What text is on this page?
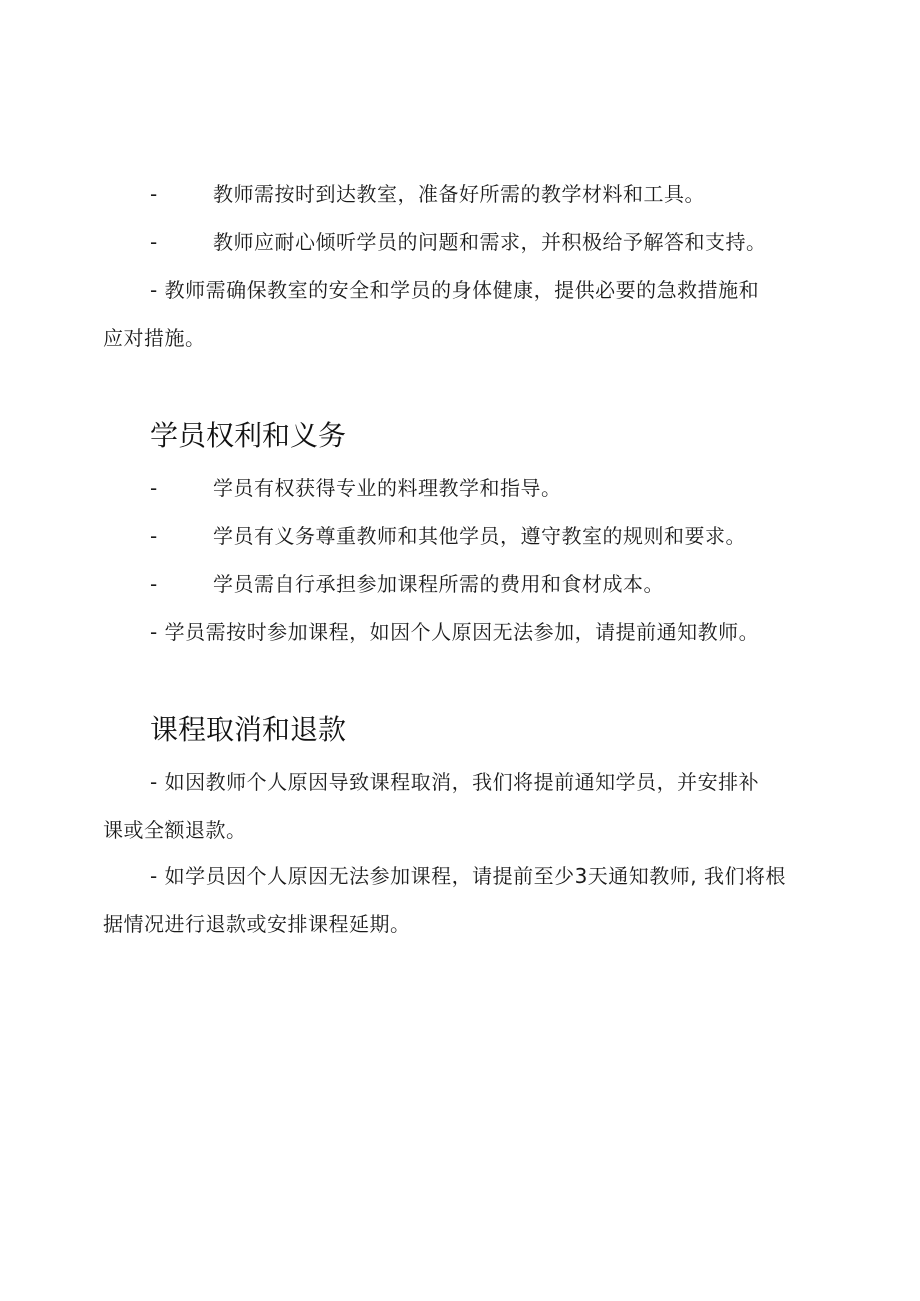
-	教师需按时到达教室，准备好所需的教学材料和工具。
-	教师应耐心倾听学员的问题和需求，并积极给予解答和支持。
- 教师需确保教室的安全和学员的身体健康，提供必要的急救措施和
应对措施。
学员权利和义务
-	学员有权获得专业的料理教学和指导。
-	学员有义务尊重教师和其他学员，遵守教室的规则和要求。
-	学员需自行承担参加课程所需的费用和食材成本。
- 学员需按时参加课程，如因个人原因无法参加，请提前通知教师。
课程取消和退款
- 如因教师个人原因导致课程取消，我们将提前通知学员，并安排补
课或全额退款。
- 如学员因个人原因无法参加课程，请提前至少3天通知教师, 我们将根
据情况进行退款或安排课程延期。
